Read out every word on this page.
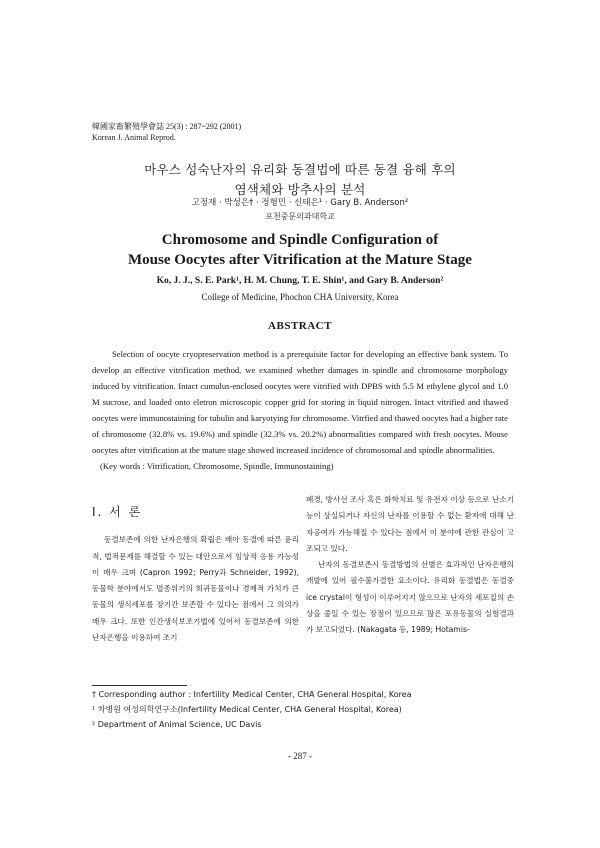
韓國家畜繁殖學會誌 25(3) : 287~292 (2001)
Korean J. Animal Reprod.
마우스 성숙난자의 유리화 동결법에 따른 동결 융해 후의
염색체와 방추사의 분석
고정재 · 박성은† · 정형민 · 신태은¹ · Gary B. Anderson²
포천중문의과대학교
Chromosome and Spindle Configuration of
Mouse Oocytes after Vitrification at the Mature Stage
Ko, J. J., S. E. Park¹, H. M. Chung, T. E. Shin¹, and Gary B. Anderson²
College of Medicine, Phochon CHA University, Korea
ABSTRACT

Selection of oocyte cryopreservation method is a prerequisite factor for developing an effective bank system. To develop an effective vitrification method, we examined whether damages in spindle and chromosome morphology induced by vitrification. Intact cumulus-enclosed oocytes were vitrified with DPBS with 5.5 M ethylene glycol and 1.0 M sucrose, and loaded onto eletron microscopic copper grid for storing in liquid nitrogen. Intact vitrified and thawed oocytes were immunostaining for tubulin and karyotying for chromosome. Vitrfied and thawed oocytes had a higher rate of chromosome (32.8% vs. 19.6%) and spindle (32.3% vs. 20.2%) abnormalities compared with fresh oocytes. Mouse oocytes after vitrification at the mature stage showed increased incidence of chromosomal and spindle abnormalities.

(Key words : Vitrification, Chromosome, Spindle, Immunostaining)

Ⅰ. 서 론

동결보존에 의한 난자은행의 확립은 배아 동결에 따른 윤리적, 법적문제를 해결할 수 있는 대안으로서 임상적 응용 가능성이 매우 크며 (Capron 1992; Perry과 Schneider, 1992), 동물학 분야에서도 멸종위기의 희귀동물이나 경제적 가치가 큰 동물의 생식세포를 장기간 보존할 수 있다는 점에서 그 의의가 매우 크다. 또한 인간생식보조기법에 있어서 동결보존에 의한 난자은행을 이용하여 조기

폐경, 방사선 조사 혹은 화학치료 및 유전자 이상 등으로 난소기능이 상실되거나 자신의 난자를 이용할 수 없는 환자에 대해 난자공여가 가능해질 수 있다는 점에서 이 분야에 관한 관심이 고조되고 있다.

난자의 동결보존시 동결방법의 선별은 효과적인 난자은행의 개발에 있어 필수불가결한 요소이다. 유리화 동결법은 동결중 ice crystal이 형성이 이루어지지 않으므로 난자의 세포질의 손상을 줄일 수 있는 장점이 있으므로 많은 포유동물의 실험결과가 보고되었다. (Nakagata 등, 1989; Hotamis-

† Corresponding author : Infertility Medical Center, CHA General Hospital, Korea
¹ 차병원 여성의학연구소(Infertility Medical Center, CHA General Hospital, Korea)
² Department of Animal Science, UC Davis
- 287 -
